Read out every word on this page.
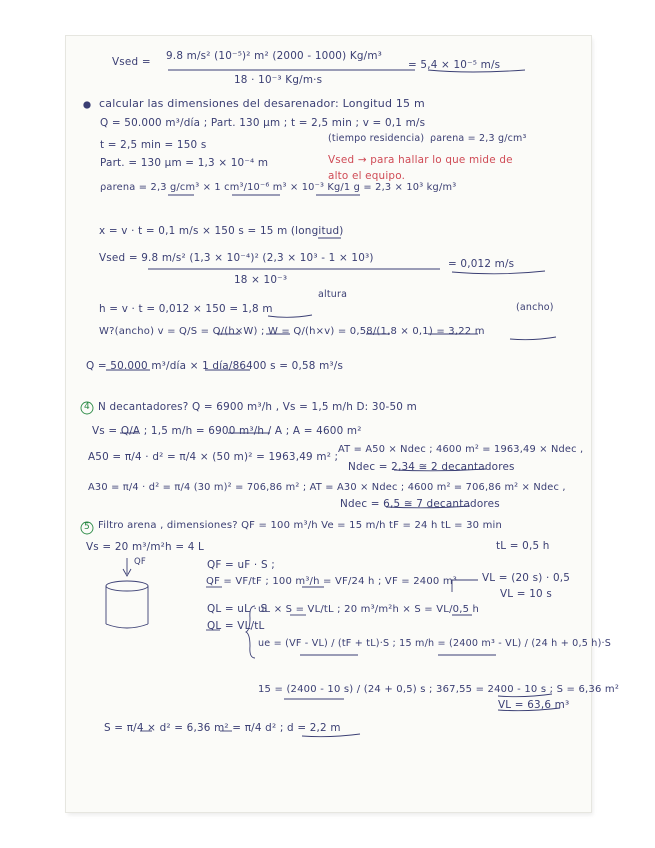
Vsed = 9.8 m/s² (10⁻⁵)² m² (2000 - 1000) Kg/m³
18 · 10⁻³ Kg/m·s
= 5,4 × 10⁻⁵ m/s
calcular las dimensiones del desarenador: Longitud 15 m
Q = 50.000 m³/día ; Part. 130 µm ; t = 2,5 min ; v = 0,1 m/s
t = 2,5 min = 150 s
(tiempo residencia) ρarena = 2,3 g/cm³
Part. = 130 µm = 1,3 × 10⁻⁴ m	Vsed → para hallar lo que mide de
alto el equipo.
ρarena = 2,3 g/cm³ × 1 cm³/10⁻⁶ m³ × 10⁻³ Kg/1 g = 2,3 × 10³ kg/m³
x = v · t = 0,1 m/s × 150 s = 15 m (longitud)
Vsed = 9.8 m/s² (1,3 × 10⁻⁴)² (2,3 × 10³ - 1 × 10³)
18 × 10⁻³
= 0,012 m/s
h = v · t = 0,012 × 150 = 1,8 m
altura
(ancho)
W?(ancho) v = Q/S = Q/(h×W) ; W = Q/(h×v) = 0,58/(1,8 × 0,1) = 3,22 m
Q = 50.000 m³/día × 1 día/86400 s = 0,58 m³/s
4 N decantadores? Q = 6900 m³/h , Vs = 1,5 m/h D: 30-50 m
Vs = Q/A ; 1,5 m/h = 6900 m³/h / A ; A = 4600 m²
A50 = π/4 · d² = π/4 × (50 m)² = 1963,49 m² ;
AT = A50 × Ndec ; 4600 m² = 1963,49 × Ndec ,
Ndec = 2,34 ≅ 2 decantadores
A30 = π/4 · d² = π/4 (30 m)² = 706,86 m² ; AT = A30 × Ndec ; 4600 m² = 706,86 m² × Ndec ,
Ndec = 6,5 ≅ 7 decantadores
5 Filtro arena , dimensiones? QF = 100 m³/h Ve = 15 m/h tF = 24 h tL = 30 min
tL = 0,5 h
Vs = 20 m³/m²h = 4 L
QF	QF = uF · S ;
QF = VF/tF ; 100 m³/h = VF/24 h ; VF = 2400 m³ VL = (20 s) · 0,5
VL = 10 s
QL = uL · S
QL = VL/tL
uL × S = VL/tL ; 20 m³/m²h × S = VL/0,5 h
ue = (VF - VL) / (tF + tL)·S ; 15 m/h = (2400 m³ - VL) / (24 h + 0,5 h)·S
15 = (2400 - 10 s) / (24 + 0,5) s ; 367,55 = 2400 - 10 s ; S = 6,36 m²
VL = 63,6 m³
S = π/4 × d² = 6,36 m² = π/4 d² ; d = 2,2 m
